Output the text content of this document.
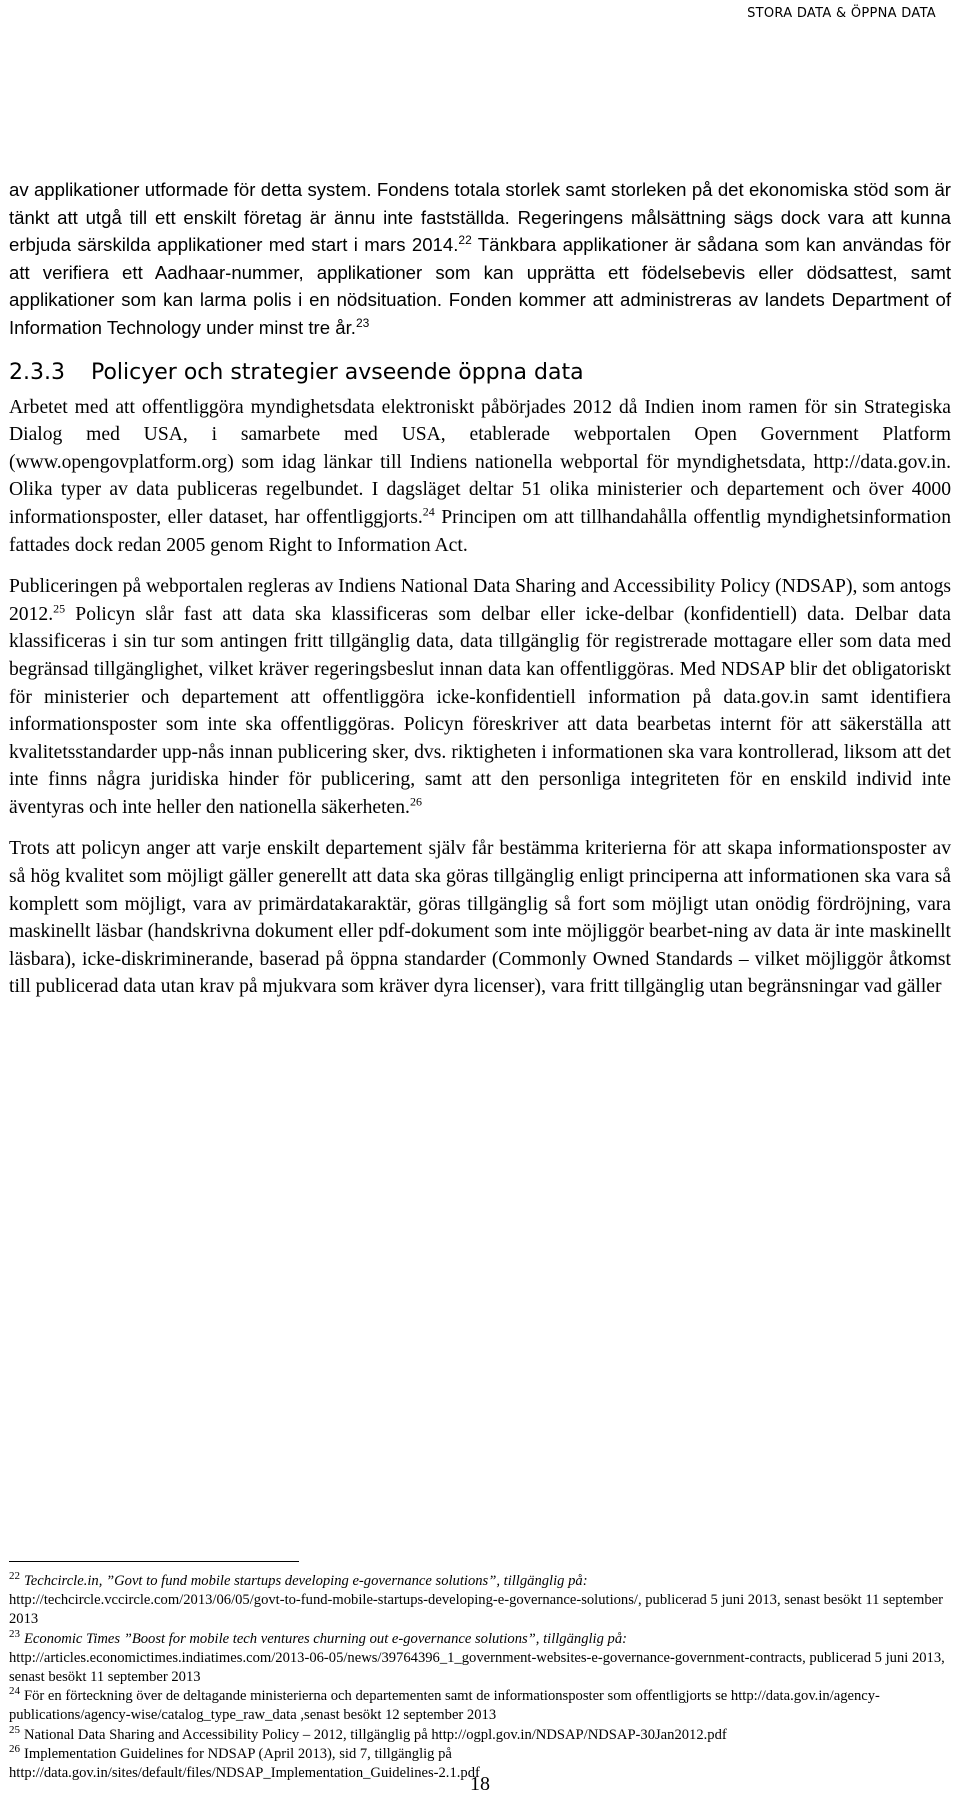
STORA DATA & ÖPPNA DATA

av applikationer utformade för detta system. Fondens totala storlek samt storleken på det ekonomiska stöd som är tänkt att utgå till ett enskilt företag är ännu inte fastställda. Regeringens målsättning sägs dock vara att kunna erbjuda särskilda applikationer med start i mars 2014.22 Tänkbara applikationer är sådana som kan användas för att verifiera ett Aadhaar-nummer, applikationer som kan upprätta ett födelsebevis eller dödsattest, samt applikationer som kan larma polis i en nödsituation. Fonden kommer att administreras av landets Department of Information Technology under minst tre år.$^{23}$

2.3.3 Policyer och strategier avseende öppna data

Arbetet med att offentliggöra myndighetsdata elektroniskt påbörjades 2012 då Indien inom ramen för sin Strategiska Dialog med USA, i samarbete med USA, etablerade webportalen Open Government Platform (www.opengovplatform.org) som idag länkar till Indiens nationella webportal för myndighetsdata, http://data.gov.in. Olika typer av data publiceras regelbundet. I dagsläget deltar 51 olika ministerier och departement och över 4000 informationsposter, eller dataset, har offentliggjorts.$^{24}$ Principen om att tillhandahålla offentlig myndighetsinformation fattades dock redan 2005 genom Right to Information Act.

Publiceringen på webportalen regleras av Indiens National Data Sharing and Accessibility Policy (NDSAP), som antogs 2012.25 Policyn slår fast att data ska klassificeras som delbar eller icke-delbar (konfidentiell) data. Delbar data klassificeras i sin tur som antingen fritt tillgänglig data, data tillgänglig för registrerade mottagare eller som data med begränsad tillgänglighet, vilket kräver regeringsbeslut innan data kan offentliggöras. Med NDSAP blir det obligatoriskt för ministerier och departement att offentliggöra icke-konfidentiell information på data.gov.in samt identifiera informationsposter som inte ska offentliggöras. Policyn föreskriver att data bearbetas internt för att säkerställa att kvalitetsstandarder upp-nås innan publicering sker, dvs. riktigheten i informationen ska vara kontrollerad, liksom att det inte finns några juridiska hinder för publicering, samt att den personliga integriteten för en enskild individ inte äventyras och inte heller den nationella säkerheten.$^{26}$

Trots att policyn anger att varje enskilt departement själv får bestämma kriterierna för att skapa informationsposter av så hög kvalitet som möjligt gäller generellt att data ska göras tillgänglig enligt principerna att informationen ska vara så komplett som möjligt, vara av primärdatakaraktär, göras tillgänglig så fort som möjligt utan onödig fördröjning, vara maskinellt läsbar (handskrivna dokument eller pdf-dokument som inte möjliggör bearbet-ning av data är inte maskinellt läsbara), icke-diskriminerande, baserad på öppna standarder (Commonly Owned Standards – vilket möjliggör åtkomst till publicerad data utan krav på mjukvara som kräver dyra licenser), vara fritt tillgänglig utan begränsningar vad gäller

$^{22}$ Techcircle.in, ”Govt to fund mobile startups developing e-governance solutions”, tillgänglig på:
http://techcircle.vccircle.com/2013/06/05/govt-to-fund-mobile-startups-developing-e-governance-solutions/, publicerad 5 juni 2013, senast besökt 11 september 2013
$^{23}$ Economic Times ”Boost for mobile tech ventures churning out e-governance solutions”, tillgänglig på:
http://articles.economictimes.indiatimes.com/2013-06-05/news/39764396_1_government-websites-e-governance-government-contracts, publicerad 5 juni 2013, senast besökt 11 september 2013
$^{24}$ För en förteckning över de deltagande ministerierna och departementen samt de informationsposter som offentligjorts se http://data.gov.in/agency-publications/agency-wise/catalog_type_raw_data ,senast besökt 12 september 2013
$^{25}$ National Data Sharing and Accessibility Policy – 2012, tillgänglig på http://ogpl.gov.in/NDSAP/NDSAP-30Jan2012.pdf
$^{26}$ Implementation Guidelines for NDSAP (April 2013), sid 7, tillgänglig på
http://data.gov.in/sites/default/files/NDSAP_Implementation_Guidelines-2.1.pdf
18
